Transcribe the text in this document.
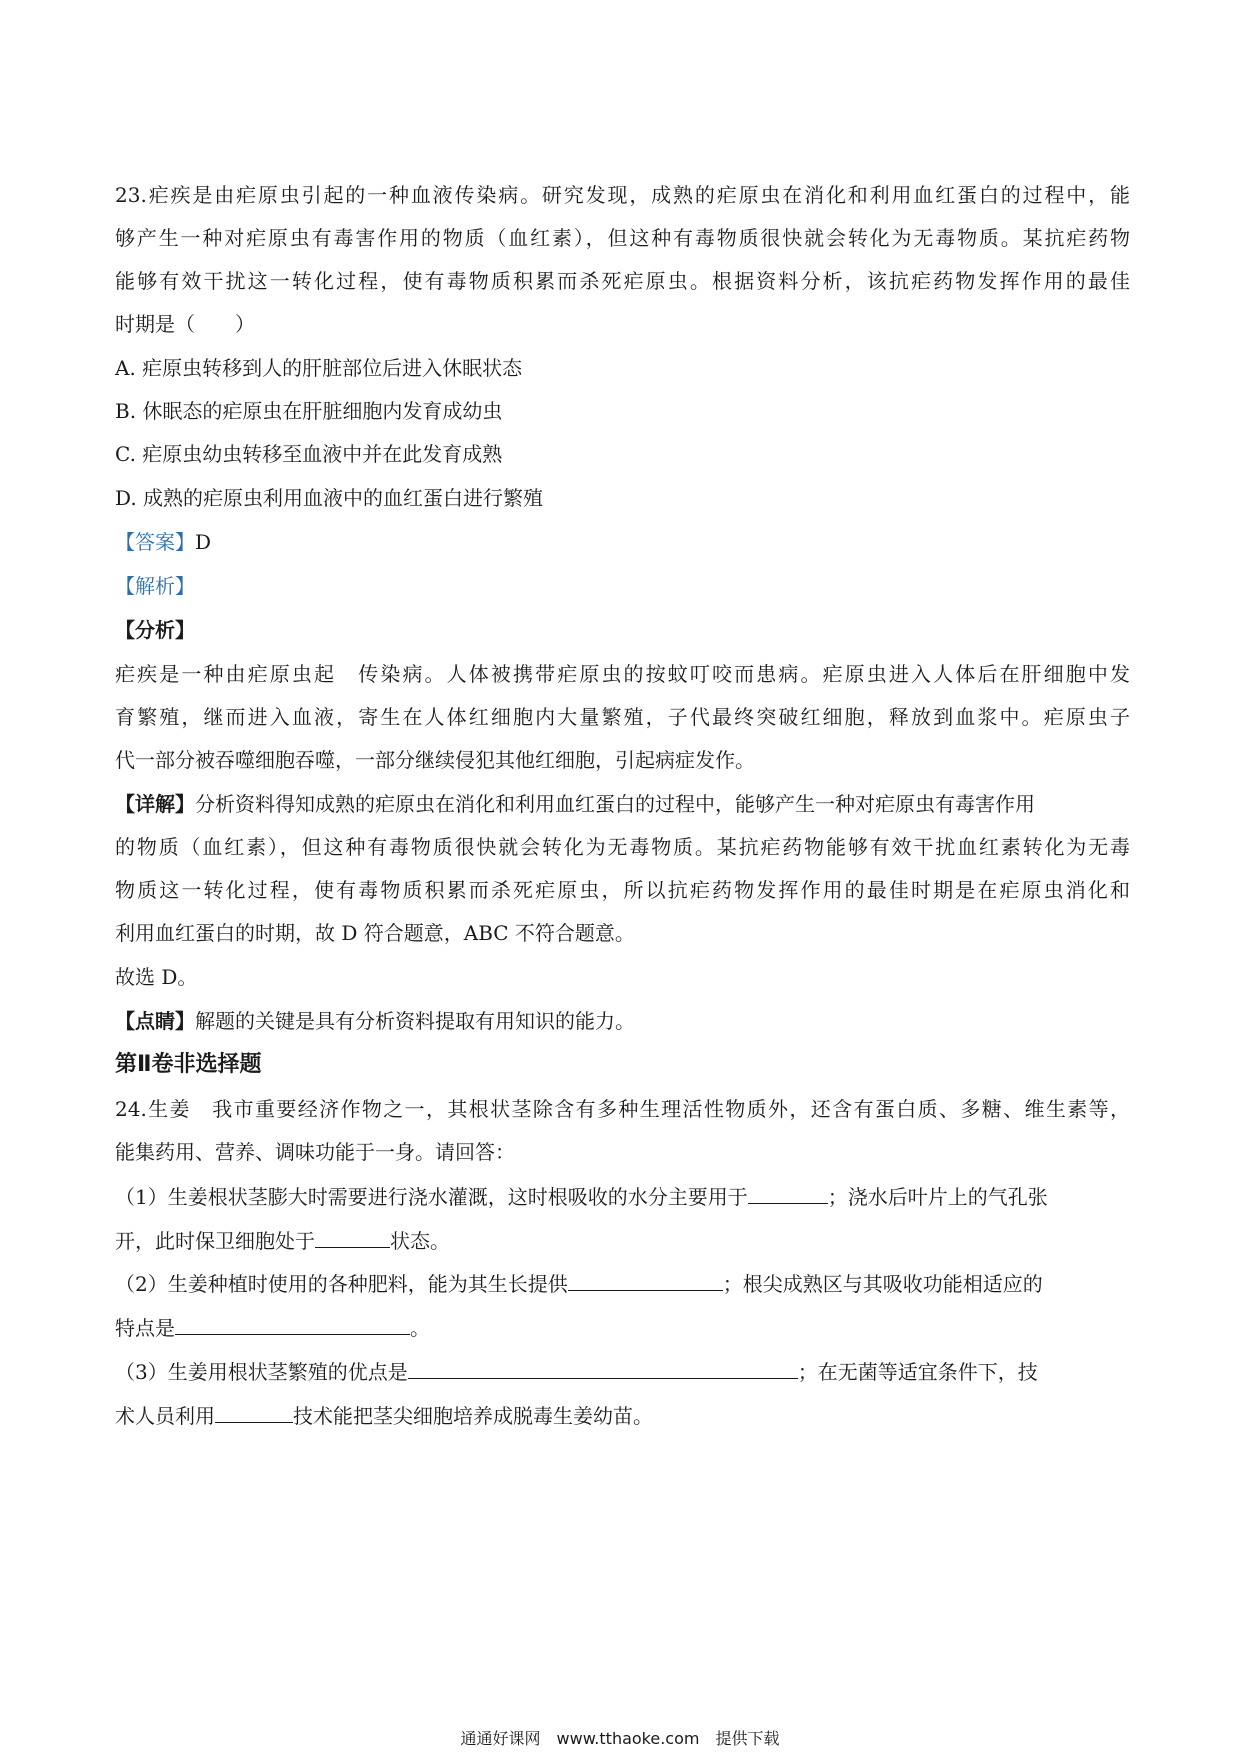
23.疟疾是由疟原虫引起的一种血液传染病。研究发现，成熟的疟原虫在消化和利用血红蛋白的过程中，能
够产生一种对疟原虫有毒害作用的物质（血红素），但这种有毒物质很快就会转化为无毒物质。某抗疟药物
能够有效干扰这一转化过程，使有毒物质积累而杀死疟原虫。根据资料分析，该抗疟药物发挥作用的最佳
时期是（　　）
A. 疟原虫转移到人的肝脏部位后进入休眠状态
B. 休眠态的疟原虫在肝脏细胞内发育成幼虫
C. 疟原虫幼虫转移至血液中并在此发育成熟
D. 成熟的疟原虫利用血液中的血红蛋白进行繁殖
【答案】D
【解析】
【分析】
疟疾是一种由疟原虫起　传染病。人体被携带疟原虫的按蚊叮咬而患病。疟原虫进入人体后在肝细胞中发
育繁殖，继而进入血液，寄生在人体红细胞内大量繁殖，子代最终突破红细胞，释放到血浆中。疟原虫子
代一部分被吞噬细胞吞噬，一部分继续侵犯其他红细胞，引起病症发作。
【详解】分析资料得知成熟的疟原虫在消化和利用血红蛋白的过程中，能够产生一种对疟原虫有毒害作用
的物质（血红素），但这种有毒物质很快就会转化为无毒物质。某抗疟药物能够有效干扰血红素转化为无毒
物质这一转化过程，使有毒物质积累而杀死疟原虫，所以抗疟药物发挥作用的最佳时期是在疟原虫消化和
利用血红蛋白的时期，故 D 符合题意，ABC 不符合题意。
故选 D。
【点睛】解题的关键是具有分析资料提取有用知识的能力。
第Ⅱ卷非选择题
24.生姜　我市重要经济作物之一，其根状茎除含有多种生理活性物质外，还含有蛋白质、多糖、维生素等，
能集药用、营养、调味功能于一身。请回答：
（1）生姜根状茎膨大时需要进行浇水灌溉，这时根吸收的水分主要用于	；浇水后叶片上的气孔张
开，此时保卫细胞处于	状态。
（2）生姜种植时使用的各种肥料，能为其生长提供	；根尖成熟区与其吸收功能相适应的
特点是	。
（3）生姜用根状茎繁殖的优点是	；在无菌等适宜条件下，技
术人员利用	技术能把茎尖细胞培养成脱毒生姜幼苗。
通通好课网　www.tthaoke.com　提供下载
